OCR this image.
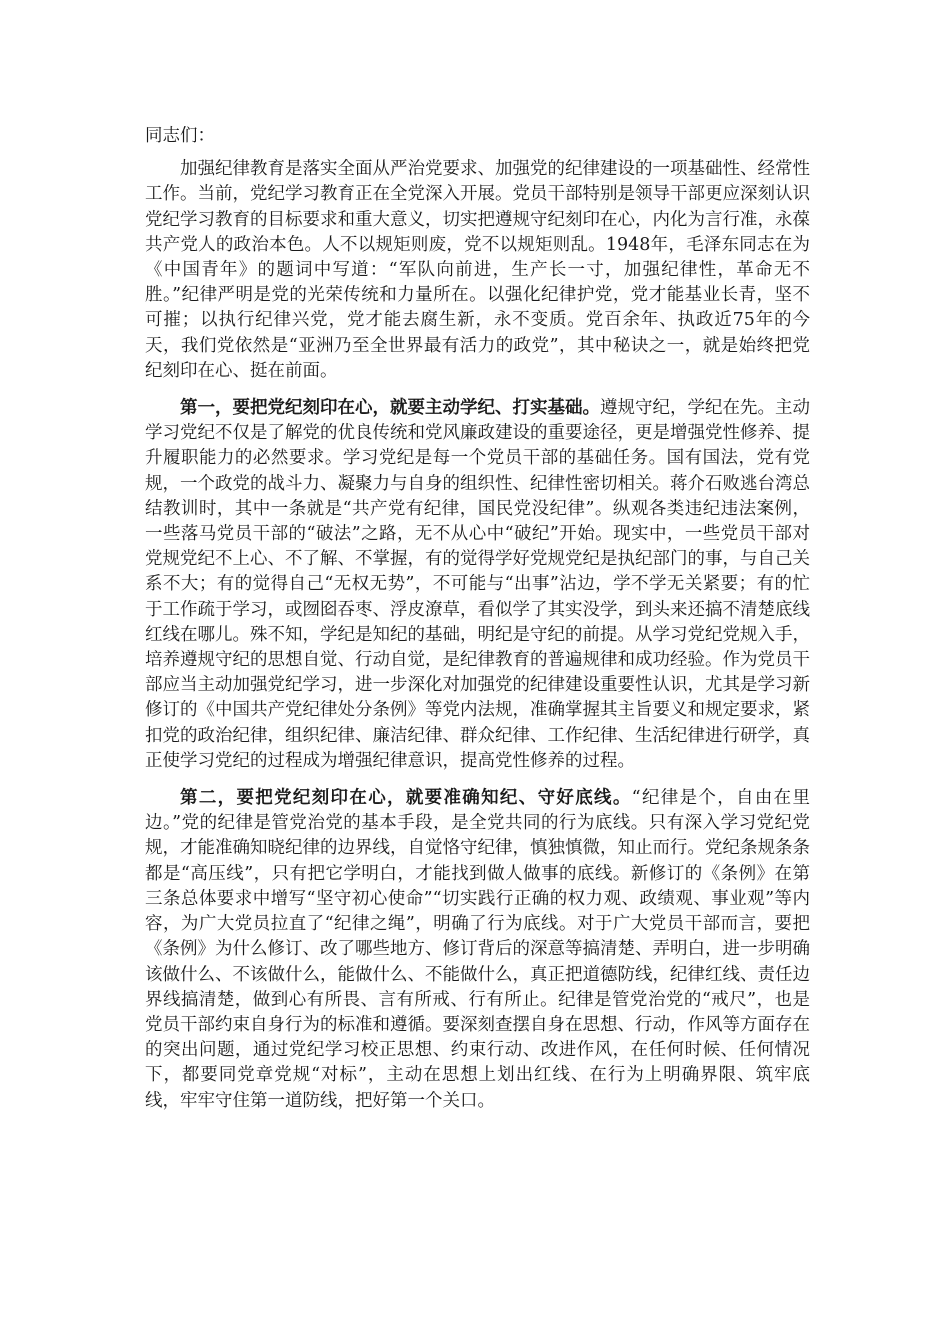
同志们：

加强纪律教育是落实全面从严治党要求、加强党的纪律建设的一项基础性、经常性工作。当前，党纪学习教育正在全党深入开展。党员干部特别是领导干部更应深刻认识党纪学习教育的目标要求和重大意义，切实把遵规守纪刻印在心，内化为言行准，永葆共产党人的政治本色。人不以规矩则废，党不以规矩则乱。1948年，毛泽东同志在为《中国青年》的题词中写道：“军队向前进，生产长一寸，加强纪律性，革命无不胜。”纪律严明是党的光荣传统和力量所在。以强化纪律护党，党才能基业长青，坚不可摧；以执行纪律兴党，党才能去腐生新，永不变质。党百余年、执政近75年的今天，我们党依然是“亚洲乃至全世界最有活力的政党”，其中秘诀之一，就是始终把党纪刻印在心、挺在前面。

第一，要把党纪刻印在心，就要主动学纪、打实基础。遵规守纪，学纪在先。主动学习党纪不仅是了解党的优良传统和党风廉政建设的重要途径，更是增强党性修养、提升履职能力的必然要求。学习党纪是每一个党员干部的基础任务。国有国法，党有党规，一个政党的战斗力、凝聚力与自身的组织性、纪律性密切相关。蒋介石败逃台湾总结教训时，其中一条就是“共产党有纪律，国民党没纪律”。纵观各类违纪违法案例，一些落马党员干部的“破法”之路，无不从心中“破纪”开始。现实中，一些党员干部对党规党纪不上心、不了解、不掌握，有的觉得学好党规党纪是执纪部门的事，与自己关系不大；有的觉得自己“无权无势”，不可能与“出事”沾边，学不学无关紧要；有的忙于工作疏于学习，或囫囵吞枣、浮皮潦草，看似学了其实没学，到头来还搞不清楚底线红线在哪儿。殊不知，学纪是知纪的基础，明纪是守纪的前提。从学习党纪党规入手，培养遵规守纪的思想自觉、行动自觉，是纪律教育的普遍规律和成功经验。作为党员干部应当主动加强党纪学习，进一步深化对加强党的纪律建设重要性认识，尤其是学习新修订的《中国共产党纪律处分条例》等党内法规，准确掌握其主旨要义和规定要求，紧扣党的政治纪律，组织纪律、廉洁纪律、群众纪律、工作纪律、生活纪律进行研学，真正使学习党纪的过程成为增强纪律意识，提高党性修养的过程。

第二，要把党纪刻印在心，就要准确知纪、守好底线。“纪律是个，自由在里边。”党的纪律是管党治党的基本手段，是全党共同的行为底线。只有深入学习党纪党规，才能准确知晓纪律的边界线，自觉恪守纪律，慎独慎微，知止而行。党纪条规条条都是“高压线”，只有把它学明白，才能找到做人做事的底线。新修订的《条例》在第三条总体要求中增写“坚守初心使命”“切实践行正确的权力观、政绩观、事业观”等内容，为广大党员拉直了“纪律之绳”，明确了行为底线。对于广大党员干部而言，要把《条例》为什么修订、改了哪些地方、修订背后的深意等搞清楚、弄明白，进一步明确该做什么、不该做什么，能做什么、不能做什么，真正把道德防线，纪律红线、责任边界线搞清楚，做到心有所畏、言有所戒、行有所止。纪律是管党治党的“戒尺”，也是党员干部约束自身行为的标准和遵循。要深刻查摆自身在思想、行动，作风等方面存在的突出问题，通过党纪学习校正思想、约束行动、改进作风，在任何时候、任何情况下，都要同党章党规“对标”，主动在思想上划出红线、在行为上明确界限、筑牢底线，牢牢守住第一道防线，把好第一个关口。
